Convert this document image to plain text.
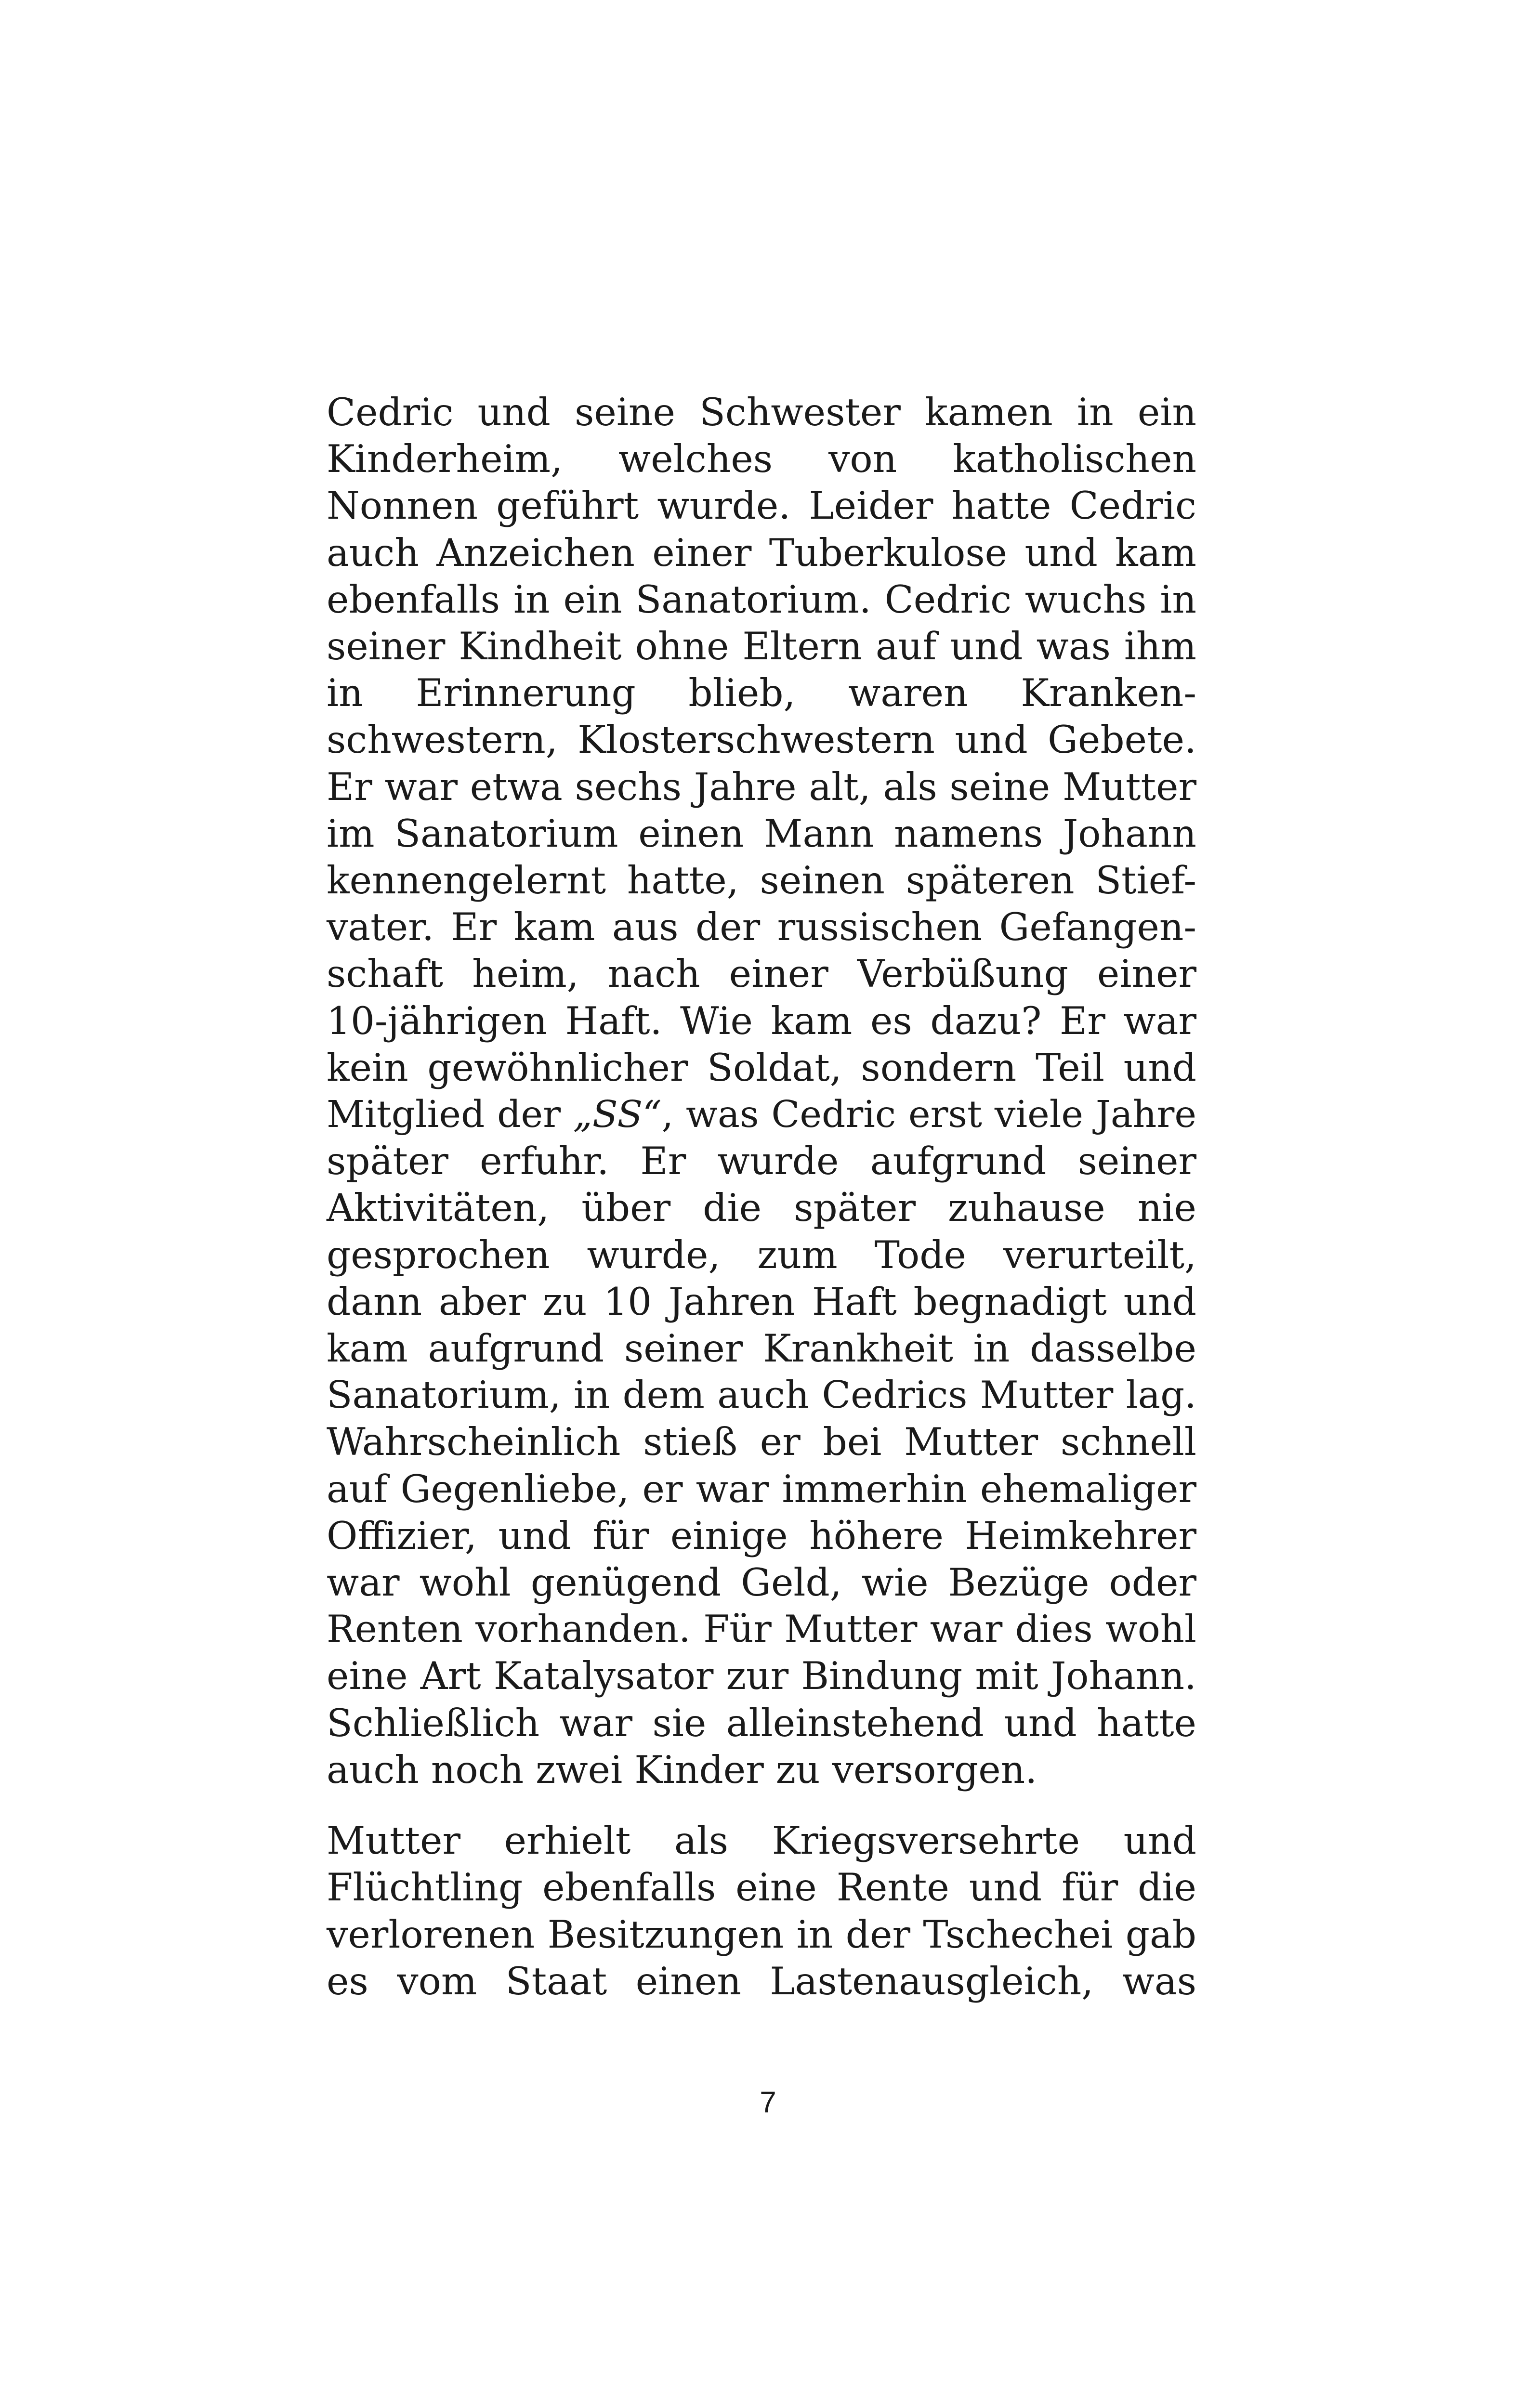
Cedric und seine Schwester kamen in ein
Kinderheim, welches von katholischen
Nonnen geführt wurde. Leider hatte Cedric
auch Anzeichen einer Tuberkulose und kam
ebenfalls in ein Sanatorium. Cedric wuchs in
seiner Kindheit ohne Eltern auf und was ihm
in Erinnerung blieb, waren Kranken-
schwestern, Klosterschwestern und Gebete.
Er war etwa sechs Jahre alt, als seine Mutter
im Sanatorium einen Mann namens Johann
kennengelernt hatte, seinen späteren Stief-
vater. Er kam aus der russischen Gefangen-
schaft heim, nach einer Verbüßung einer
10-jährigen Haft. Wie kam es dazu? Er war
kein gewöhnlicher Soldat, sondern Teil und
Mitglied der „SS“, was Cedric erst viele Jahre
später erfuhr. Er wurde aufgrund seiner
Aktivitäten, über die später zuhause nie
gesprochen wurde, zum Tode verurteilt,
dann aber zu 10 Jahren Haft begnadigt und
kam aufgrund seiner Krankheit in dasselbe
Sanatorium, in dem auch Cedrics Mutter lag.
Wahrscheinlich stieß er bei Mutter schnell
auf Gegenliebe, er war immerhin ehemaliger
Offizier, und für einige höhere Heimkehrer
war wohl genügend Geld, wie Bezüge oder
Renten vorhanden. Für Mutter war dies wohl
eine Art Katalysator zur Bindung mit Johann.
Schließlich war sie alleinstehend und hatte
auch noch zwei Kinder zu versorgen.

Mutter erhielt als Kriegsversehrte und
Flüchtling ebenfalls eine Rente und für die
verlorenen Besitzungen in der Tschechei gab
es vom Staat einen Lastenausgleich, was

7
